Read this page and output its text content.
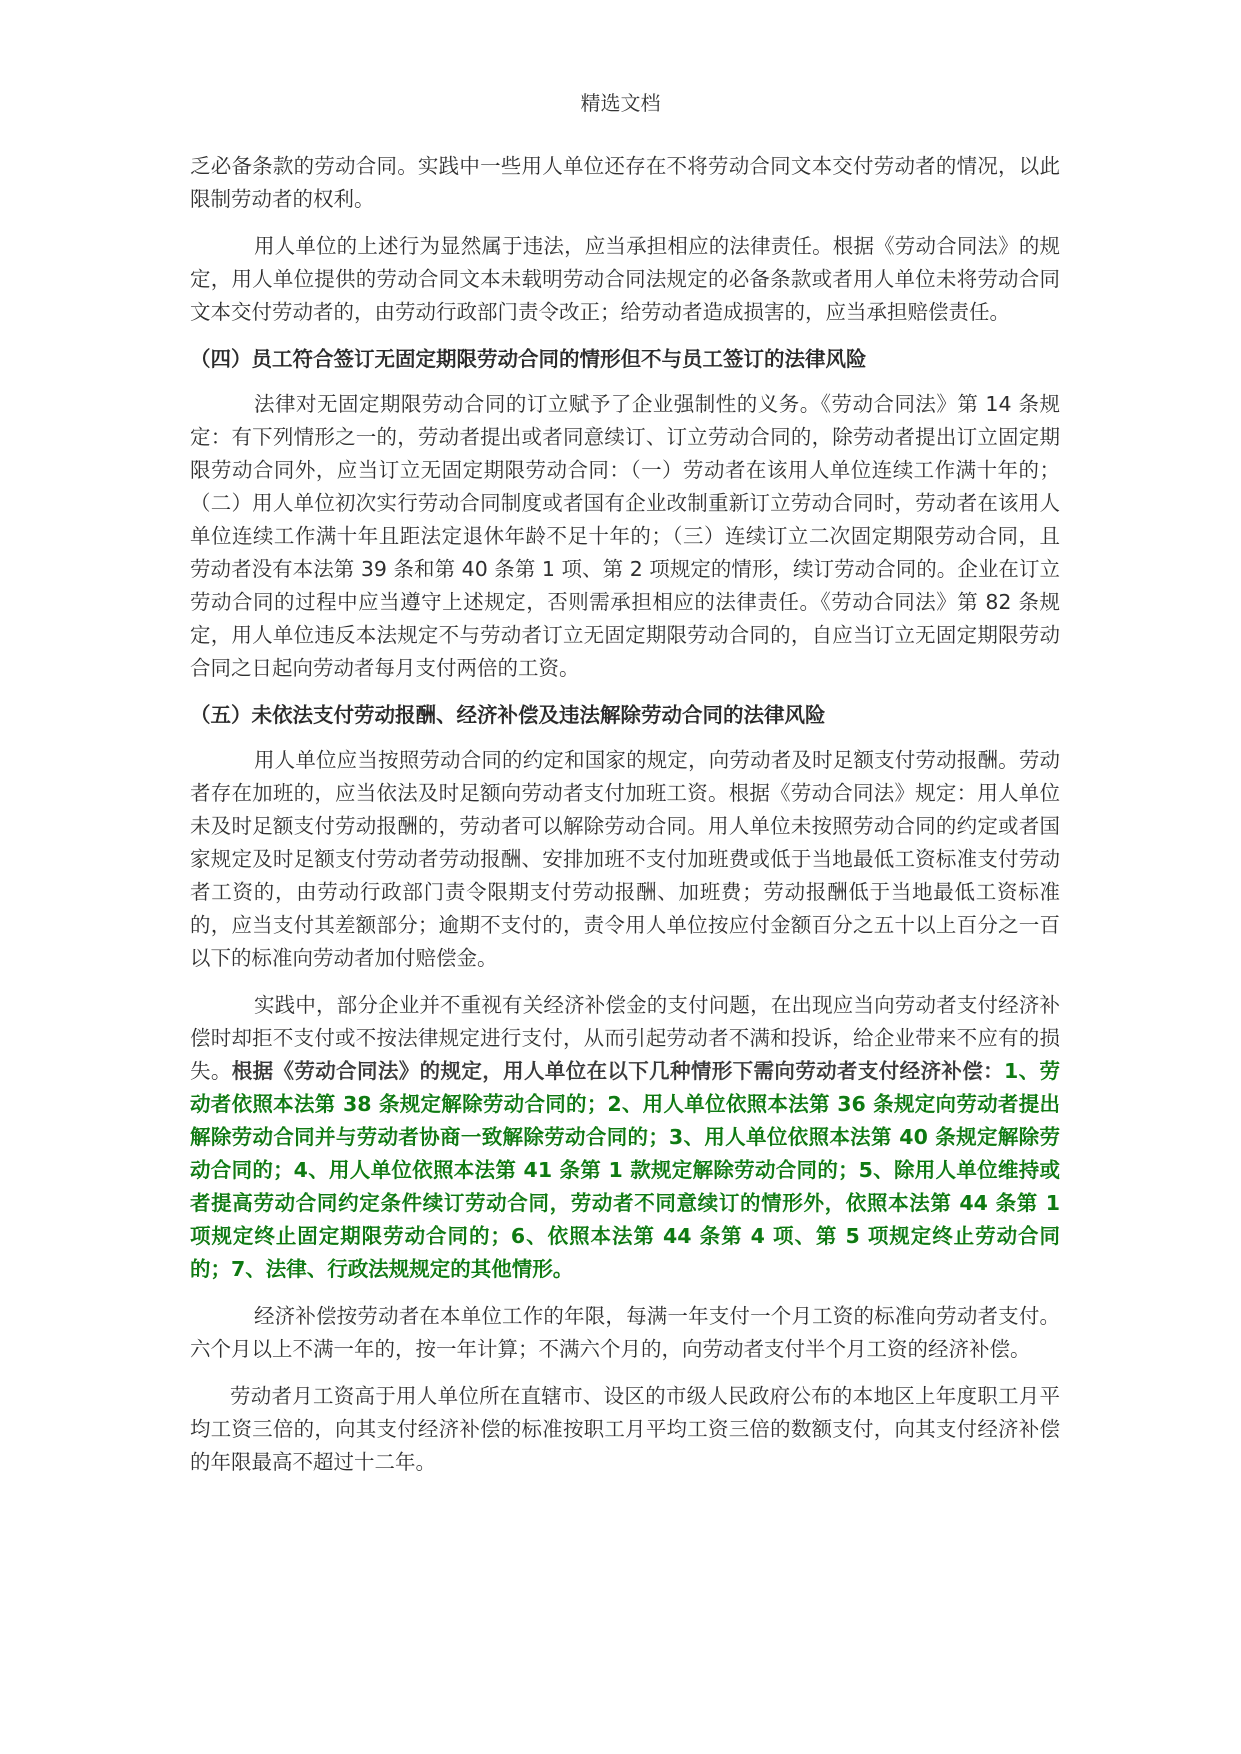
精选文档

乏必备条款的劳动合同。实践中一些用人单位还存在不将劳动合同文本交付劳动者的情况，以此限制劳动者的权利。

用人单位的上述行为显然属于违法，应当承担相应的法律责任。根据《劳动合同法》的规定，用人单位提供的劳动合同文本未载明劳动合同法规定的必备条款或者用人单位未将劳动合同文本交付劳动者的，由劳动行政部门责令改正；给劳动者造成损害的，应当承担赔偿责任。

（四）员工符合签订无固定期限劳动合同的情形但不与员工签订的法律风险

法律对无固定期限劳动合同的订立赋予了企业强制性的义务。《劳动合同法》第 14 条规定：有下列情形之一的，劳动者提出或者同意续订、订立劳动合同的，除劳动者提出订立固定期限劳动合同外，应当订立无固定期限劳动合同：（一）劳动者在该用人单位连续工作满十年的；（二）用人单位初次实行劳动合同制度或者国有企业改制重新订立劳动合同时，劳动者在该用人单位连续工作满十年且距法定退休年龄不足十年的；（三）连续订立二次固定期限劳动合同，且劳动者没有本法第 39 条和第 40 条第 1 项、第 2 项规定的情形，续订劳动合同的。企业在订立劳动合同的过程中应当遵守上述规定，否则需承担相应的法律责任。《劳动合同法》第 82 条规定，用人单位违反本法规定不与劳动者订立无固定期限劳动合同的，自应当订立无固定期限劳动合同之日起向劳动者每月支付两倍的工资。

（五）未依法支付劳动报酬、经济补偿及违法解除劳动合同的法律风险

用人单位应当按照劳动合同的约定和国家的规定，向劳动者及时足额支付劳动报酬。劳动者存在加班的，应当依法及时足额向劳动者支付加班工资。根据《劳动合同法》规定：用人单位未及时足额支付劳动报酬的，劳动者可以解除劳动合同。用人单位未按照劳动合同的约定或者国家规定及时足额支付劳动者劳动报酬、安排加班不支付加班费或低于当地最低工资标准支付劳动者工资的，由劳动行政部门责令限期支付劳动报酬、加班费；劳动报酬低于当地最低工资标准的，应当支付其差额部分；逾期不支付的，责令用人单位按应付金额百分之五十以上百分之一百以下的标准向劳动者加付赔偿金。

实践中，部分企业并不重视有关经济补偿金的支付问题，在出现应当向劳动者支付经济补偿时却拒不支付或不按法律规定进行支付，从而引起劳动者不满和投诉，给企业带来不应有的损失。根据《劳动合同法》的规定，用人单位在以下几种情形下需向劳动者支付经济补偿：1、劳动者依照本法第 38 条规定解除劳动合同的；2、用人单位依照本法第 36 条规定向劳动者提出解除劳动合同并与劳动者协商一致解除劳动合同的；3、用人单位依照本法第 40 条规定解除劳动合同的；4、用人单位依照本法第 41 条第 1 款规定解除劳动合同的；5、除用人单位维持或者提高劳动合同约定条件续订劳动合同，劳动者不同意续订的情形外，依照本法第 44 条第 1 项规定终止固定期限劳动合同的；6、依照本法第 44 条第 4 项、第 5 项规定终止劳动合同的；7、法律、行政法规规定的其他情形。

经济补偿按劳动者在本单位工作的年限，每满一年支付一个月工资的标准向劳动者支付。六个月以上不满一年的，按一年计算；不满六个月的，向劳动者支付半个月工资的经济补偿。

劳动者月工资高于用人单位所在直辖市、设区的市级人民政府公布的本地区上年度职工月平均工资三倍的，向其支付经济补偿的标准按职工月平均工资三倍的数额支付，向其支付经济补偿的年限最高不超过十二年。
